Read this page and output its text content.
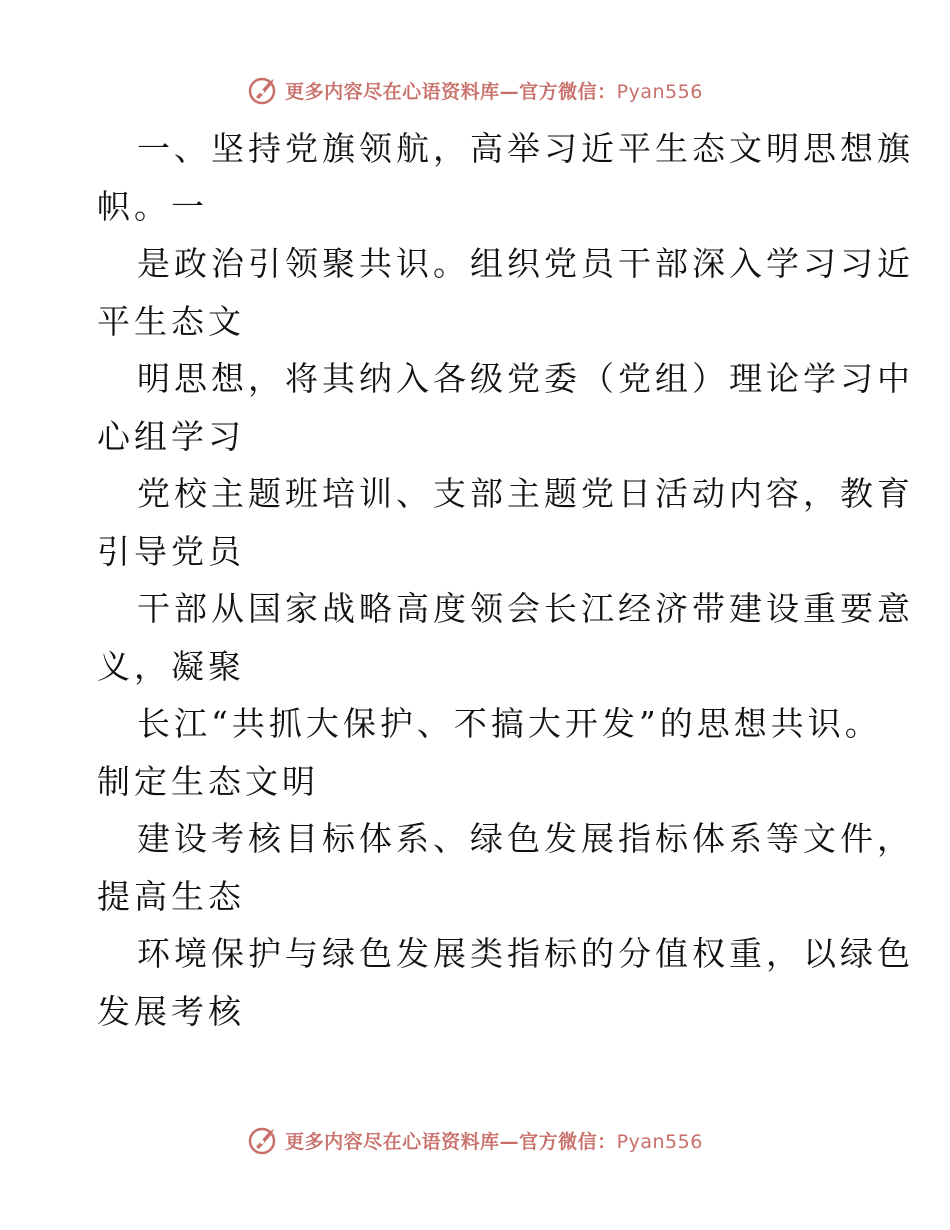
更多内容尽在心语资料库—官方微信：Pyan556

一、坚持党旗领航，高举习近平生态文明思想旗
帜。一

是政治引领聚共识。组织党员干部深入学习习近
平生态文

明思想，将其纳入各级党委（党组）理论学习中
心组学习

党校主题班培训、支部主题党日活动内容，教育
引导党员

干部从国家战略高度领会长江经济带建设重要意
义，凝聚

长江“共抓大保护、不搞大开发”的思想共识。
制定生态文明

建设考核目标体系、绿色发展指标体系等文件，
提高生态

环境保护与绿色发展类指标的分值权重，以绿色
发展考核

更多内容尽在心语资料库—官方微信：Pyan556
